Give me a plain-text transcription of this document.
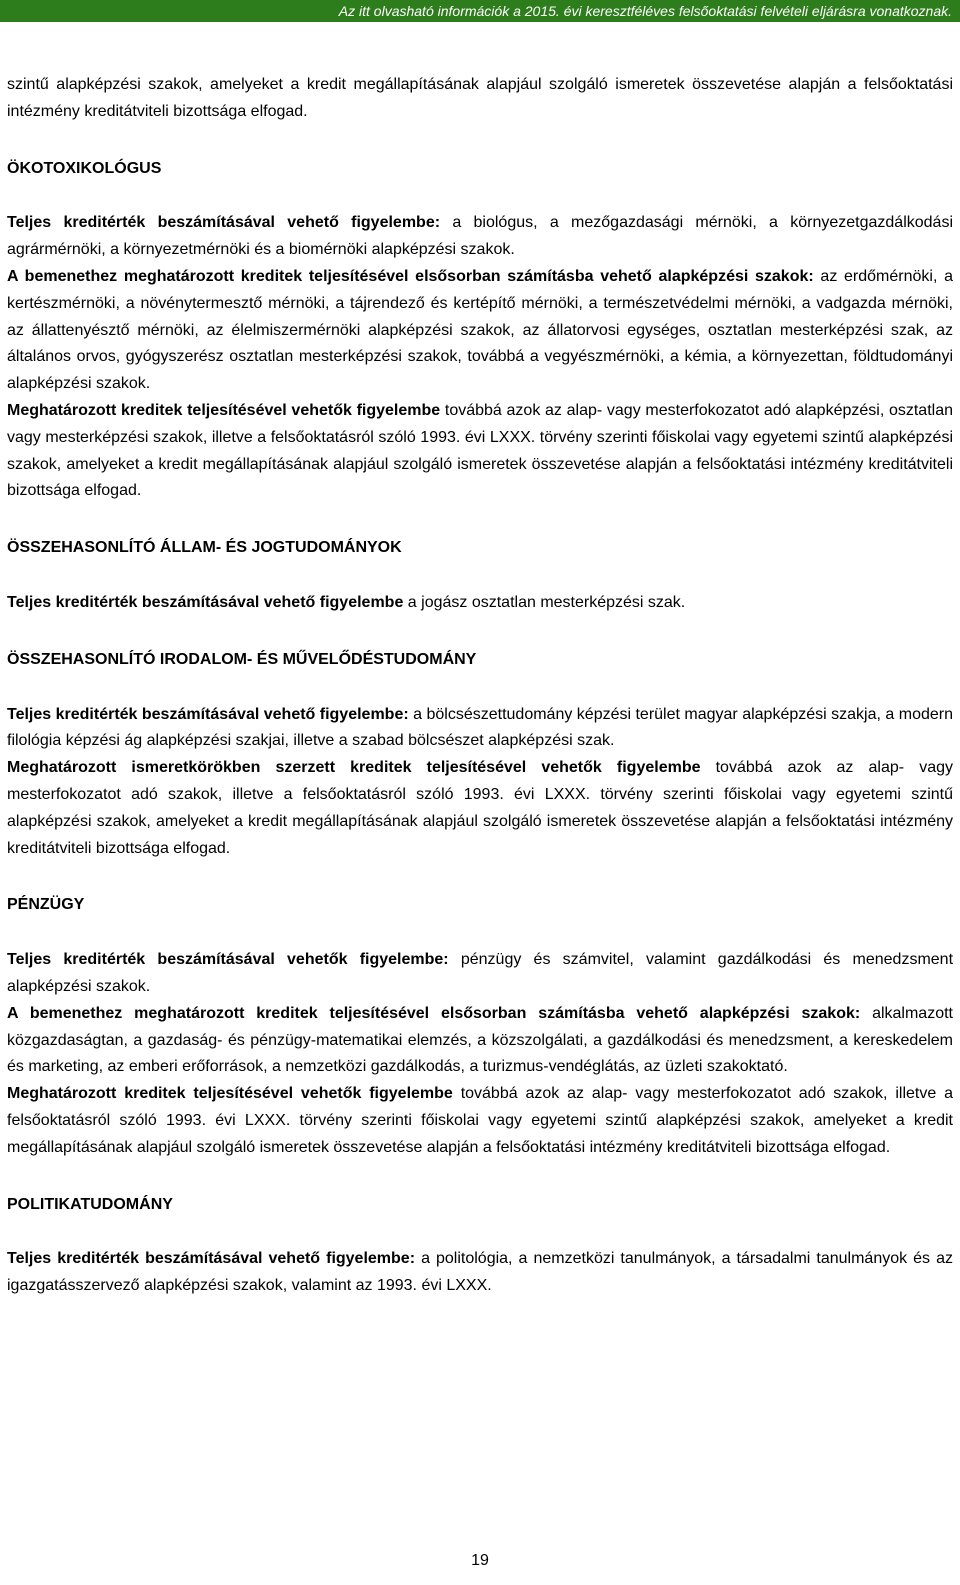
Az itt olvasható információk a 2015. évi keresztféléves felsőoktatási felvételi eljárásra vonatkoznak.

szintű alapképzési szakok, amelyeket a kredit megállapításának alapjául szolgáló ismeretek összevetése alapján a felsőoktatási intézmény kreditátviteli bizottsága elfogad.

ÖKOTOXIKOLÓGUS

Teljes kreditérték beszámításával vehető figyelembe: a biológus, a mezőgazdasági mérnöki, a környezetgazdálkodási agrármérnöki, a környezetmérnöki és a biomérnöki alapképzési szakok.

A bemenethez meghatározott kreditek teljesítésével elsősorban számításba vehető alapképzési szakok: az erdőmérnöki, a kertészmérnöki, a növénytermesztő mérnöki, a tájrendező és kertépítő mérnöki, a természetvédelmi mérnöki, a vadgazda mérnöki, az állattenyésztő mérnöki, az élelmiszermérnöki alapképzési szakok, az állatorvosi egységes, osztatlan mesterképzési szak, az általános orvos, gyógyszerész osztatlan mesterképzési szakok, továbbá a vegyészmérnöki, a kémia, a környezettan, földtudományi alapképzési szakok.

Meghatározott kreditek teljesítésével vehetők figyelembe továbbá azok az alap- vagy mesterfokozatot adó alapképzési, osztatlan vagy mesterképzési szakok, illetve a felsőoktatásról szóló 1993. évi LXXX. törvény szerinti főiskolai vagy egyetemi szintű alapképzési szakok, amelyeket a kredit megállapításának alapjául szolgáló ismeretek összevetése alapján a felsőoktatási intézmény kreditátviteli bizottsága elfogad.

ÖSSZEHASONLÍTÓ ÁLLAM- ÉS JOGTUDOMÁNYOK

Teljes kreditérték beszámításával vehető figyelembe a jogász osztatlan mesterképzési szak.

ÖSSZEHASONLÍTÓ IRODALOM- ÉS MŰVELŐDÉSTUDOMÁNY

Teljes kreditérték beszámításával vehető figyelembe: a bölcsészettudomány képzési terület magyar alapképzési szakja, a modern filológia képzési ág alapképzési szakjai, illetve a szabad bölcsészet alapképzési szak.

Meghatározott ismeretkörökben szerzett kreditek teljesítésével vehetők figyelembe továbbá azok az alap- vagy mesterfokozatot adó szakok, illetve a felsőoktatásról szóló 1993. évi LXXX. törvény szerinti főiskolai vagy egyetemi szintű alapképzési szakok, amelyeket a kredit megállapításának alapjául szolgáló ismeretek összevetése alapján a felsőoktatási intézmény kreditátviteli bizottsága elfogad.

PÉNZÜGY

Teljes kreditérték beszámításával vehetők figyelembe: pénzügy és számvitel, valamint gazdálkodási és menedzsment alapképzési szakok.

A bemenethez meghatározott kreditek teljesítésével elsősorban számításba vehető alapképzési szakok: alkalmazott közgazdaságtan, a gazdaság- és pénzügy-matematikai elemzés, a közszolgálati, a gazdálkodási és menedzsment, a kereskedelem és marketing, az emberi erőforrások, a nemzetközi gazdálkodás, a turizmus-vendéglátás, az üzleti szakoktató.

Meghatározott kreditek teljesítésével vehetők figyelembe továbbá azok az alap- vagy mesterfokozatot adó szakok, illetve a felsőoktatásról szóló 1993. évi LXXX. törvény szerinti főiskolai vagy egyetemi szintű alapképzési szakok, amelyeket a kredit megállapításának alapjául szolgáló ismeretek összevetése alapján a felsőoktatási intézmény kreditátviteli bizottsága elfogad.

POLITIKATUDOMÁNY

Teljes kreditérték beszámításával vehető figyelembe: a politológia, a nemzetközi tanulmányok, a társadalmi tanulmányok és az igazgatásszervező alapképzési szakok, valamint az 1993. évi LXXX.

19
